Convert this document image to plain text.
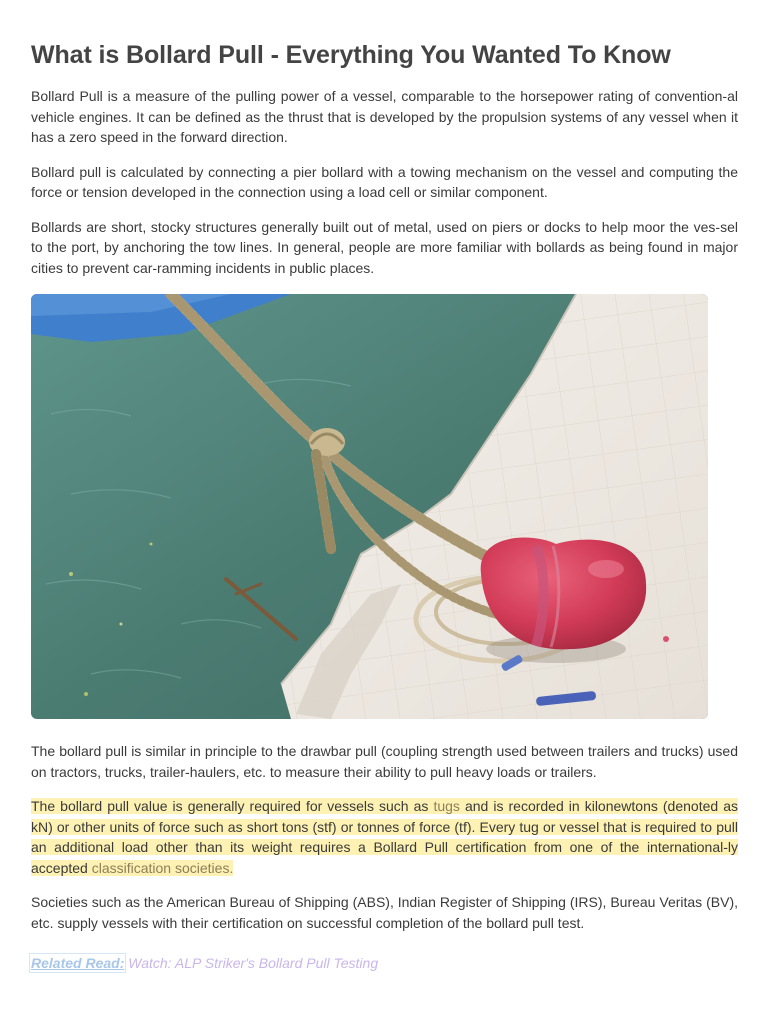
What is Bollard Pull - Everything You Wanted To Know

Bollard Pull is a measure of the pulling power of a vessel, comparable to the horsepower rating of convention-al vehicle engines. It can be defined as the thrust that is developed by the propulsion systems of any vessel when it has a zero speed in the forward direction.

Bollard pull is calculated by connecting a pier bollard with a towing mechanism on the vessel and computing the force or tension developed in the connection using a load cell or similar component.

Bollards are short, stocky structures generally built out of metal, used on piers or docks to help moor the ves-sel to the port, by anchoring the tow lines. In general, people are more familiar with bollards as being found in major cities to prevent car-ramming incidents in public places.

The bollard pull is similar in principle to the drawbar pull (coupling strength used between trailers and trucks) used on tractors, trucks, trailer-haulers, etc. to measure their ability to pull heavy loads or trailers.

The bollard pull value is generally required for vessels such as tugs and is recorded in kilonewtons (denoted as kN) or other units of force such as short tons (stf) or tonnes of force (tf). Every tug or vessel that is required to pull an additional load other than its weight requires a Bollard Pull certification from one of the international-ly accepted classification societies.

Societies such as the American Bureau of Shipping (ABS), Indian Register of Shipping (IRS), Bureau Veritas (BV), etc. supply vessels with their certification on successful completion of the bollard pull test.

Related Read: Watch: ALP Striker's Bollard Pull Testing
